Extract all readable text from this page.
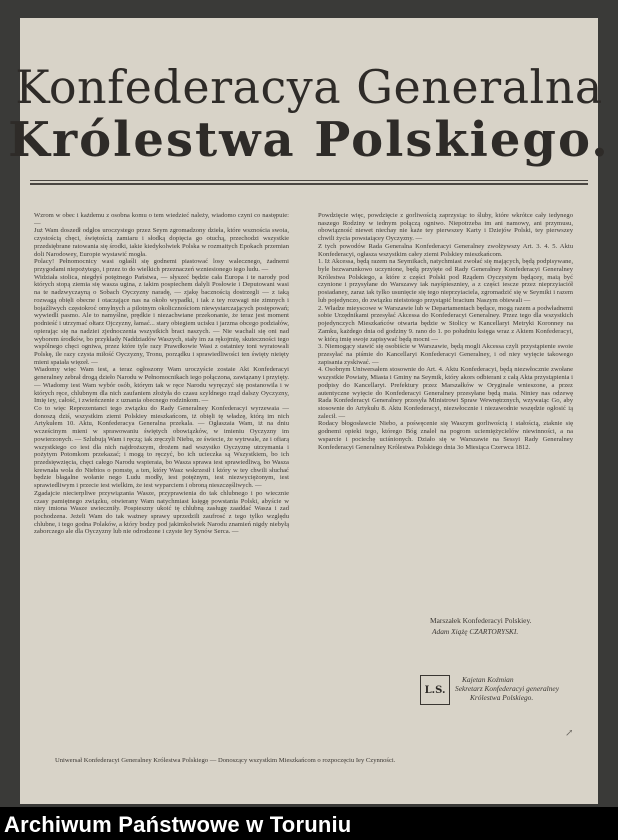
Konfederacya Generalna
Królestwa Polskiego.
Wzrom w obec i każdemu z osobna komu o tem wiedzieć należy, wiadomo czyni co następuie: —
Już Wam doszedł odgłos uroczystego przez Seym zgromadzony dzieła, które wsznościa swoia, czystością chęci, świętością zamiaru i słodką dopięcia go otuchą, przechodzi wszystkie przedsiębrane ratowania się środki, iakie kiedykolwiek Polska w rozmaitych Epokach przemian doli Narodowey, Europie wystawić mogła.
Polacy! Pełnomocnicy wasi ogłaśli się godnemi piastować losy walecznego, żadnemi przygodami niepożytego, i przez to do wielkich przeznaczeń wzniesionego iego ludu. —
Widziała stolica, niegdyś potężnego Państwa, — słyszeć będzie cała Europa i te narody pod których stopą ziemia się wasza ugina, z iakim pospiechem dalyli Posłowie i Deputowani wasi na te nadzwyczayną o Sobach Oyczyzny naradę, — zjakę bacznością dostrzegli — z iaką rozwagą obięli obecne i otaczające nas na około wypadki, i iak z tey rozwagi nie zimnych i bojaźliwych częstokroć omylnych a pilotnym okolicznościom niewystarczających postępowań; wywiedli pasmo. Ale to namyślne, prędkie i niezachwiane przekonanie, że teraz jest moment podnieść i utrzymać ołtarz Ojczyzny, łamać... stary obiegiem ucisku i jarzma obcego podziałów, opierając się na nadziei zjednoczenia wszystkich braci naszych. — Nie wachali się oni nad wyborem środków, bo przykłady Naddziadów Waszych, stały im za rękojmię, skuteczności tego wspólnego chęci ogniwa, przez które tyle razy Prawdkowie Wasi z ostatniey toni wyratowali Polskę, ile razy czysta miłość Oyczyzny, Tronu, porządku i sprawiedliwości ten święty nieięty mieni spaiała więzeł. —
Wiadomy więc Wam iest, a teraz ogłoszony Wam uroczyście zostaie Akt Konfederacyi generalney zebrał drogą dzieło Narodu w Pełnomocnikach iego połączona, zawiązany i przyięty. — Wiadomy iest Wam wybór osób, którym tak w ręce Narodu wyręczyć się postanowila i w których ręce, chlubnym dla nich zaufaniem złożyła do czasu szyldnego rząd dalszy Oyczyzny, Imię iey, całość, i zwieńczenie z uznania obecnego rodzinkom. —
Co to więc Reprezentanci tego związku do Rady Generalney Konfederacyi wyrzewaia — donoszą dziś, wszystkim ziemi Polskiey mieszkańcom, iż obięli tę władzę, którą im nich Artykułem 10. Aktu, Konfederacya Generalna przekala. — Ogłaszaia Wam, iż na dniu wcześcinym mieni w sprawowaniu świętych obowiązków, w imieniu Oyczyzny im powierzonych. — Szlubują Wam i ręczą; iak zręczyli Niebu, ze świecie, że wytrwale, ze i ofiarą wszystkiego co iest dla nich najdroższym, drożem nad wszystko Oyczyznę utrzymania i pożytym Potomkom przekazać; i mogą to ręczyć, bo ich ucieczka są Wszystkiem, bo ich przedsięwzięcia, chęci całego Narodu wspieraia, bo Wasza sprawa iest sprawiedliwą, bo Wasza krewnała wola do Niebios o pomstę, a ten, który Wasz wskrzesił i który w tey chwili słuchać będzie błagalne wołanie nego Ludu modły, iest potężnym, iest niezwyciężonym, iest sprawiedliwym i przecie iest wielkim, że iest wyparciem i obroną nieszczęśliwych. —
Zgadajcie niecierpliwe przywiązania Wasze, przyprawienia do tak chlubnego i po wiecznie czasy pamiętnego związku, otwierany Wam natychmiast księgę powstania Polski, abyście w niey imiona Wasze uwieczniły. Pospieszny ukoić tę chlubną zasługę zaaddać Wasza i zad pochodzena. Jeżeli Wam do tak ważney sprawy uprzedzili zaufrosć z tego tylko względu chlubne, i tego godna Polaków, a który bodzy pod jakimkolwiek Narodu znamień nigdy niebyłą zaborczego ale dla Oyczyzny lub nie odrodzone i czyste Iey Synów Serca. —
Powdzięcie więc, powdzięcie z gorliwością zaprzysiąc to śluby, które wkrótce cały iedynego naszego Rodziny w iednym połączą ogniwo. Niepotrzeba im ani namowy, ani przymusu, obowiązność niewet niechay nie każe tey pierwszey Karty i Dziejów Polski, tey pierwszey chwili życia powstaiącey Oyczyzny. —
Z tych powodów Rada Generalna Konfederacyi Generalney zwołżywszy Art. 3. 4. 5. Aktu Konfederacyi, ogłasza wszystkim całey ziemi Polskiey mieszkańcom.
1. Iż Akcessa, będą razem na Seymikach, natychmiast zwołać się mających, będą podpisywane, byle bezwarunkowo uczynione, będą przyięte od Rady Generalney Konfederacyi Generalney Królestwa Polskiego, a które z części Polski pod Rządem Oyczystym będącey, maią być czynione i przysyłane do Warszawy iak nayśpieszniey, a z części iescze przez nieprzyiaciół posiadaney, zaraz iak tylko usunięcie się tego nieprzyiaciela, zgromadzić się w Seymiki i razem lub pojedynczo, do związku nieistotego przystąpić bracium Naszym obiewali —
2. Władze mieyscowe w Warszawie lub w Departamentach będące, mogą razem a podwładnemi sobie Urzędnikami przesyłać Akcessa do Konfederacyi Generalney. Przez tego dla wszystkich pojedynczych Mieszkańców otwarta będzie w Stolicy w Kancellaryi Metryki Koronney na Zamku, każdego dnia od godziny 9. rano do 1. po południu księga wraz z Aktem Konfederacyi, w którą imię swoje zapisywać będą mocni —
3. Niemogący stawić się osobiście w Warszawie, będą mogli Akcessa czyli przystąpienie swoie przesyłać na piśmie do Kancellaryi Konfederacyi Generalney, i od niey wyięcie takowego zapisania zyskiwać. —
4. Osobnym Uniwersałem stosownie do Art. 4. Aktu Konfederacyi, będą niezwłocznie zwołane wszystkie Powiaty, Miasta i Gminy na Seymik, który akors odbierani z całą Akta przystąpienia i podpisy do Kancellaryi. Prefektury przez Marszałków w Oryginale wnieszone, a przez autentyczne wyięcie do Konfederacyi Generalney przesyłane będą maia. Niniey nas odzewę Rada Konfederacyi Generalney przesyła Ministrowi Spraw Wewnętrznych, wzywaiąc Go, aby stosownie do Artykułu 8. Aktu Konfederacyi, niezwłocznie i niezawodnie wszędzie ogłosić ią zalecił. —
Rodacy błogosławcie Niebo, a pośwęcenie się Waszym gorliwością i stałością, ztaknie się godnemi opieki tego, którego Bóg znaleł na pogrom uciemiężycielów niewinności, a na wsparcie i pociechę uciśnionych. Działo się w Warszawie na Sessyi Rady Generalney Konfederacyi Generalney Królestwa Polskiego dnia 3o Miesiąca Czerwca 1812.
Marszałek Konfederacyi Polskiey.
Adam Xiążę CZARTORYSKI.
L.S.
Kajetan Koźmian
Sekretarz Konfederacyi generalney
Królestwa Polskiego.
↗
Uniwersał Konfederacyi Generalney Królestwa Polskiego — Donoszący wszystkim Mieszkańcom o rozpoczęciu Iey Czynności.
Archiwum Państwowe w Toruniu
